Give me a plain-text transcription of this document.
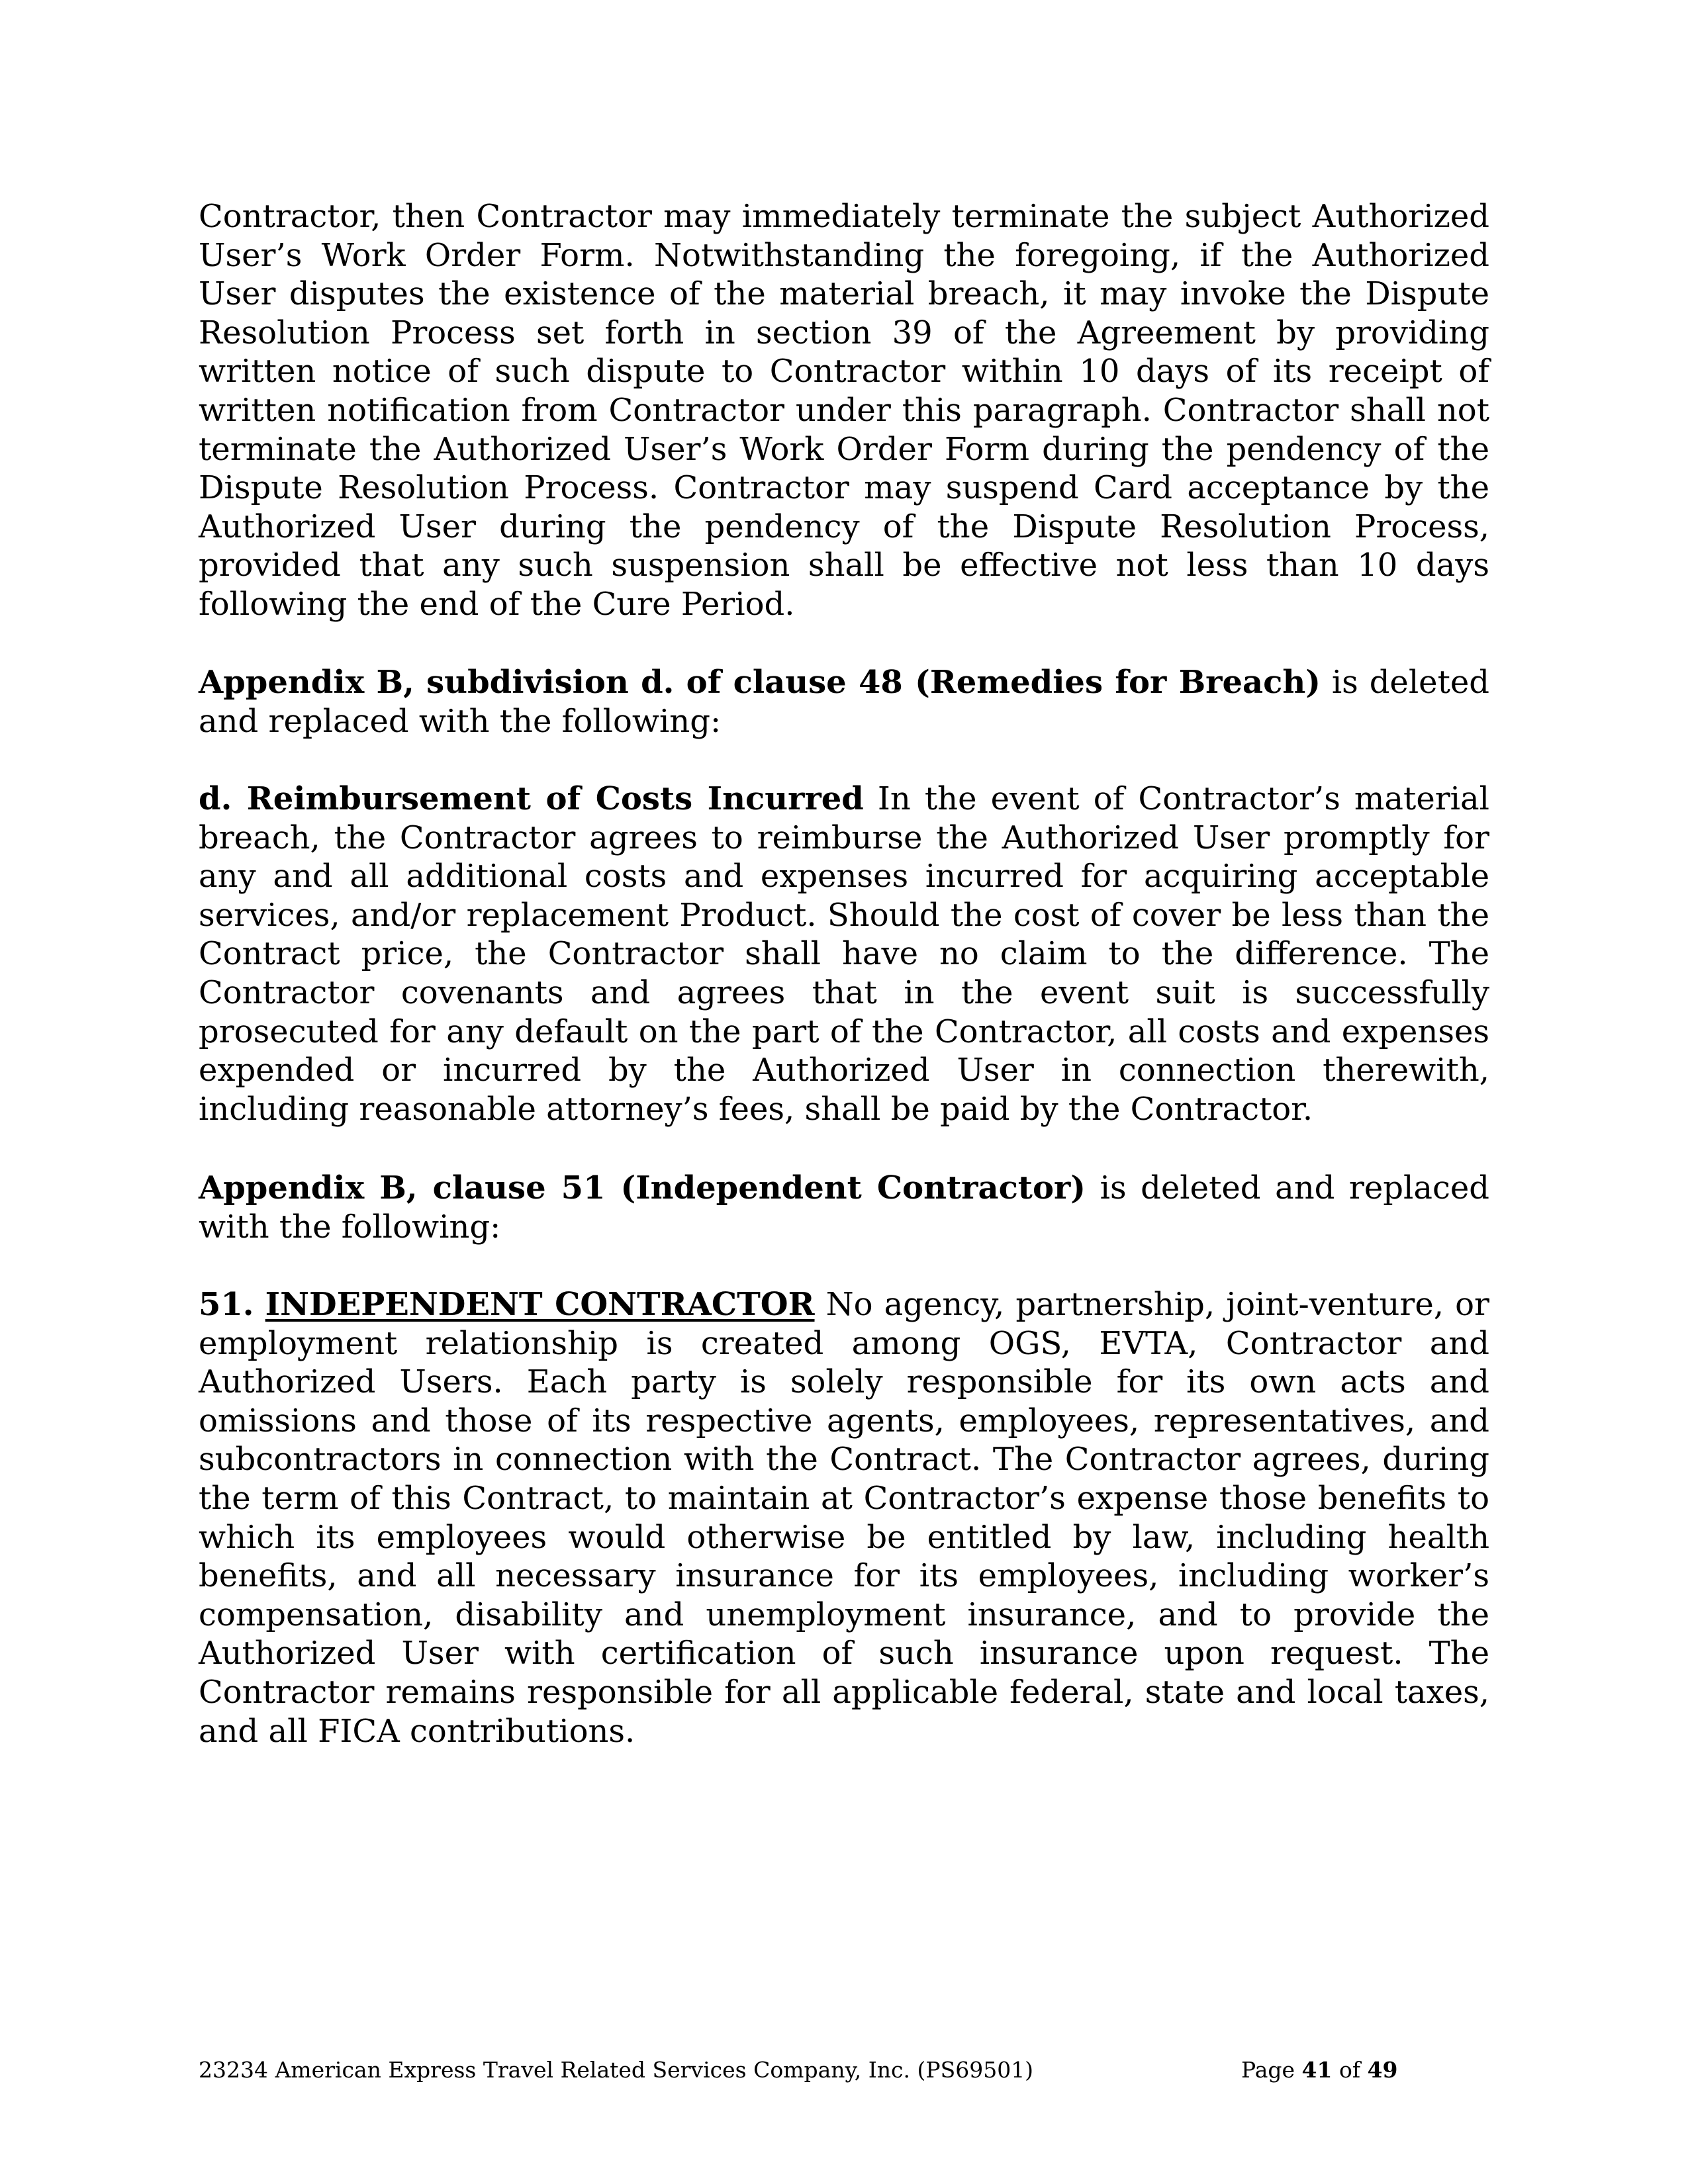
Contractor, then Contractor may immediately terminate the subject Authorized User’s Work Order Form. Notwithstanding the foregoing, if the Authorized User disputes the existence of the material breach, it may invoke the Dispute Resolution Process set forth in section 39 of the Agreement by providing written notice of such dispute to Contractor within 10 days of its receipt of written notification from Contractor under this paragraph. Contractor shall not terminate the Authorized User’s Work Order Form during the pendency of the Dispute Resolution Process. Contractor may suspend Card acceptance by the Authorized User during the pendency of the Dispute Resolution Process, provided that any such suspension shall be effective not less than 10 days following the end of the Cure Period.

Appendix B, subdivision d. of clause 48 (Remedies for Breach) is deleted and replaced with the following:

d. Reimbursement of Costs Incurred In the event of Contractor’s material breach, the Contractor agrees to reimburse the Authorized User promptly for any and all additional costs and expenses incurred for acquiring acceptable services, and/or replacement Product. Should the cost of cover be less than the Contract price, the Contractor shall have no claim to the difference. The Contractor covenants and agrees that in the event suit is successfully prosecuted for any default on the part of the Contractor, all costs and expenses expended or incurred by the Authorized User in connection therewith, including reasonable attorney’s fees, shall be paid by the Contractor.

Appendix B, clause 51 (Independent Contractor) is deleted and replaced with the following:

51. INDEPENDENT CONTRACTOR No agency, partnership, joint-venture, or employment relationship is created among OGS, EVTA, Contractor and Authorized Users. Each party is solely responsible for its own acts and omissions and those of its respective agents, employees, representatives, and subcontractors in connection with the Contract. The Contractor agrees, during the term of this Contract, to maintain at Contractor’s expense those benefits to which its employees would otherwise be entitled by law, including health benefits, and all necessary insurance for its employees, including worker’s compensation, disability and unemployment insurance, and to provide the Authorized User with certification of such insurance upon request. The Contractor remains responsible for all applicable federal, state and local taxes, and all FICA contributions.

23234 American Express Travel Related Services Company, Inc. (PS69501)	Page 41 of 49
